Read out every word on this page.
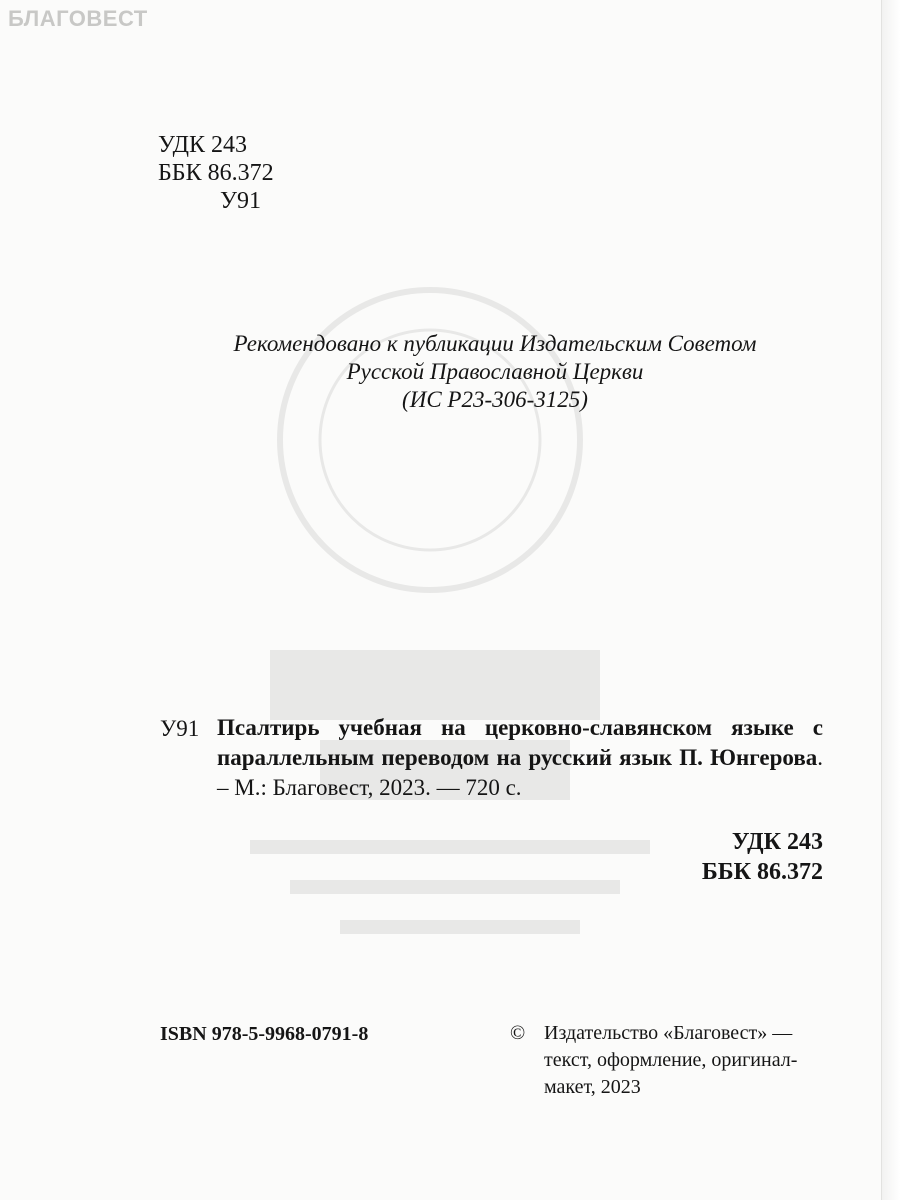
БЛАГОВЕСТ
УДК 243
ББК 86.372
У91
Рекомендовано к публикации Издательским Советом
Русской Православной Церкви
(ИС Р23-306-3125)
У91 Псалтирь учебная на церковно-славянском языке с параллельным переводом на русский язык П. Юнгерова. – М.: Благовест, 2023. — 720 с.
УДК 243
ББК 86.372
ISBN 978-5-9968-0791-8	© Издательство «Благовест» —
текст, оформление, оригинал-
макет, 2023
